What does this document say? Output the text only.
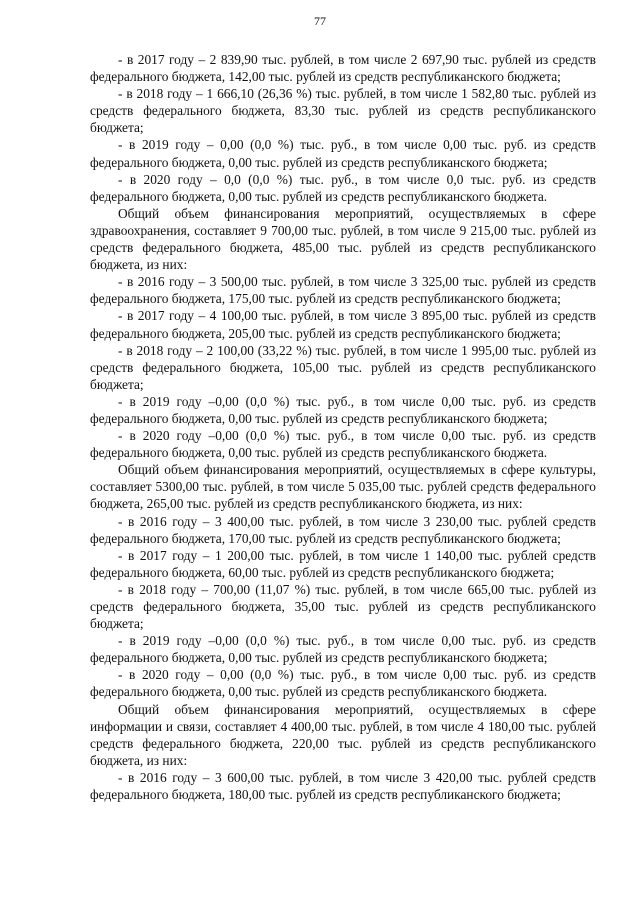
77

- в 2017 году – 2 839,90 тыс. рублей, в том числе 2 697,90 тыс. рублей из средств федерального бюджета, 142,00 тыс. рублей из средств республиканского бюджета;

- в 2018 году – 1 666,10 (26,36 %) тыс. рублей, в том числе 1 582,80 тыс. рублей из средств федерального бюджета, 83,30 тыс. рублей из средств республиканского бюджета;

- в 2019 году – 0,00 (0,0 %) тыс. руб., в том числе 0,00 тыс. руб. из средств федерального бюджета, 0,00 тыс. рублей из средств республиканского бюджета;

- в 2020 году – 0,0 (0,0 %) тыс. руб., в том числе 0,0 тыс. руб. из средств федерального бюджета, 0,00 тыс. рублей из средств республиканского бюджета.

Общий объем финансирования мероприятий, осуществляемых в сфере здравоохранения, составляет 9 700,00 тыс. рублей, в том числе 9 215,00 тыс. рублей из средств федерального бюджета, 485,00 тыс. рублей из средств республиканского бюджета, из них:

- в 2016 году – 3 500,00 тыс. рублей, в том числе 3 325,00 тыс. рублей из средств федерального бюджета, 175,00 тыс. рублей из средств республиканского бюджета;

- в 2017 году – 4 100,00 тыс. рублей, в том числе 3 895,00 тыс. рублей из средств федерального бюджета, 205,00 тыс. рублей из средств республиканского бюджета;

- в 2018 году – 2 100,00 (33,22 %) тыс. рублей, в том числе 1 995,00 тыс. рублей из средств федерального бюджета, 105,00 тыс. рублей из средств республиканского бюджета;

- в 2019 году –0,00 (0,0 %) тыс. руб., в том числе 0,00 тыс. руб. из средств федерального бюджета, 0,00 тыс. рублей из средств республиканского бюджета;

- в 2020 году –0,00 (0,0 %) тыс. руб., в том числе 0,00 тыс. руб. из средств федерального бюджета, 0,00 тыс. рублей из средств республиканского бюджета.

Общий объем финансирования мероприятий, осуществляемых в сфере культуры, составляет 5300,00 тыс. рублей, в том числе 5 035,00 тыс. рублей средств федерального бюджета, 265,00 тыс. рублей из средств республиканского бюджета, из них:

- в 2016 году – 3 400,00 тыс. рублей, в том числе 3 230,00 тыс. рублей средств федерального бюджета, 170,00 тыс. рублей из средств республиканского бюджета;

- в 2017 году – 1 200,00 тыс. рублей, в том числе 1 140,00 тыс. рублей средств федерального бюджета, 60,00 тыс. рублей из средств республиканского бюджета;

- в 2018 году – 700,00 (11,07 %) тыс. рублей, в том числе 665,00 тыс. рублей из средств федерального бюджета, 35,00 тыс. рублей из средств республиканского бюджета;

- в 2019 году –0,00 (0,0 %) тыс. руб., в том числе 0,00 тыс. руб. из средств федерального бюджета, 0,00 тыс. рублей из средств республиканского бюджета;

- в 2020 году – 0,00 (0,0 %) тыс. руб., в том числе 0,00 тыс. руб. из средств федерального бюджета, 0,00 тыс. рублей из средств республиканского бюджета.

Общий объем финансирования мероприятий, осуществляемых в сфере информации и связи, составляет 4 400,00 тыс. рублей, в том числе 4 180,00 тыс. рублей средств федерального бюджета, 220,00 тыс. рублей из средств республиканского бюджета, из них:

- в 2016 году – 3 600,00 тыс. рублей, в том числе 3 420,00 тыс. рублей средств федерального бюджета, 180,00 тыс. рублей из средств республиканского бюджета;
